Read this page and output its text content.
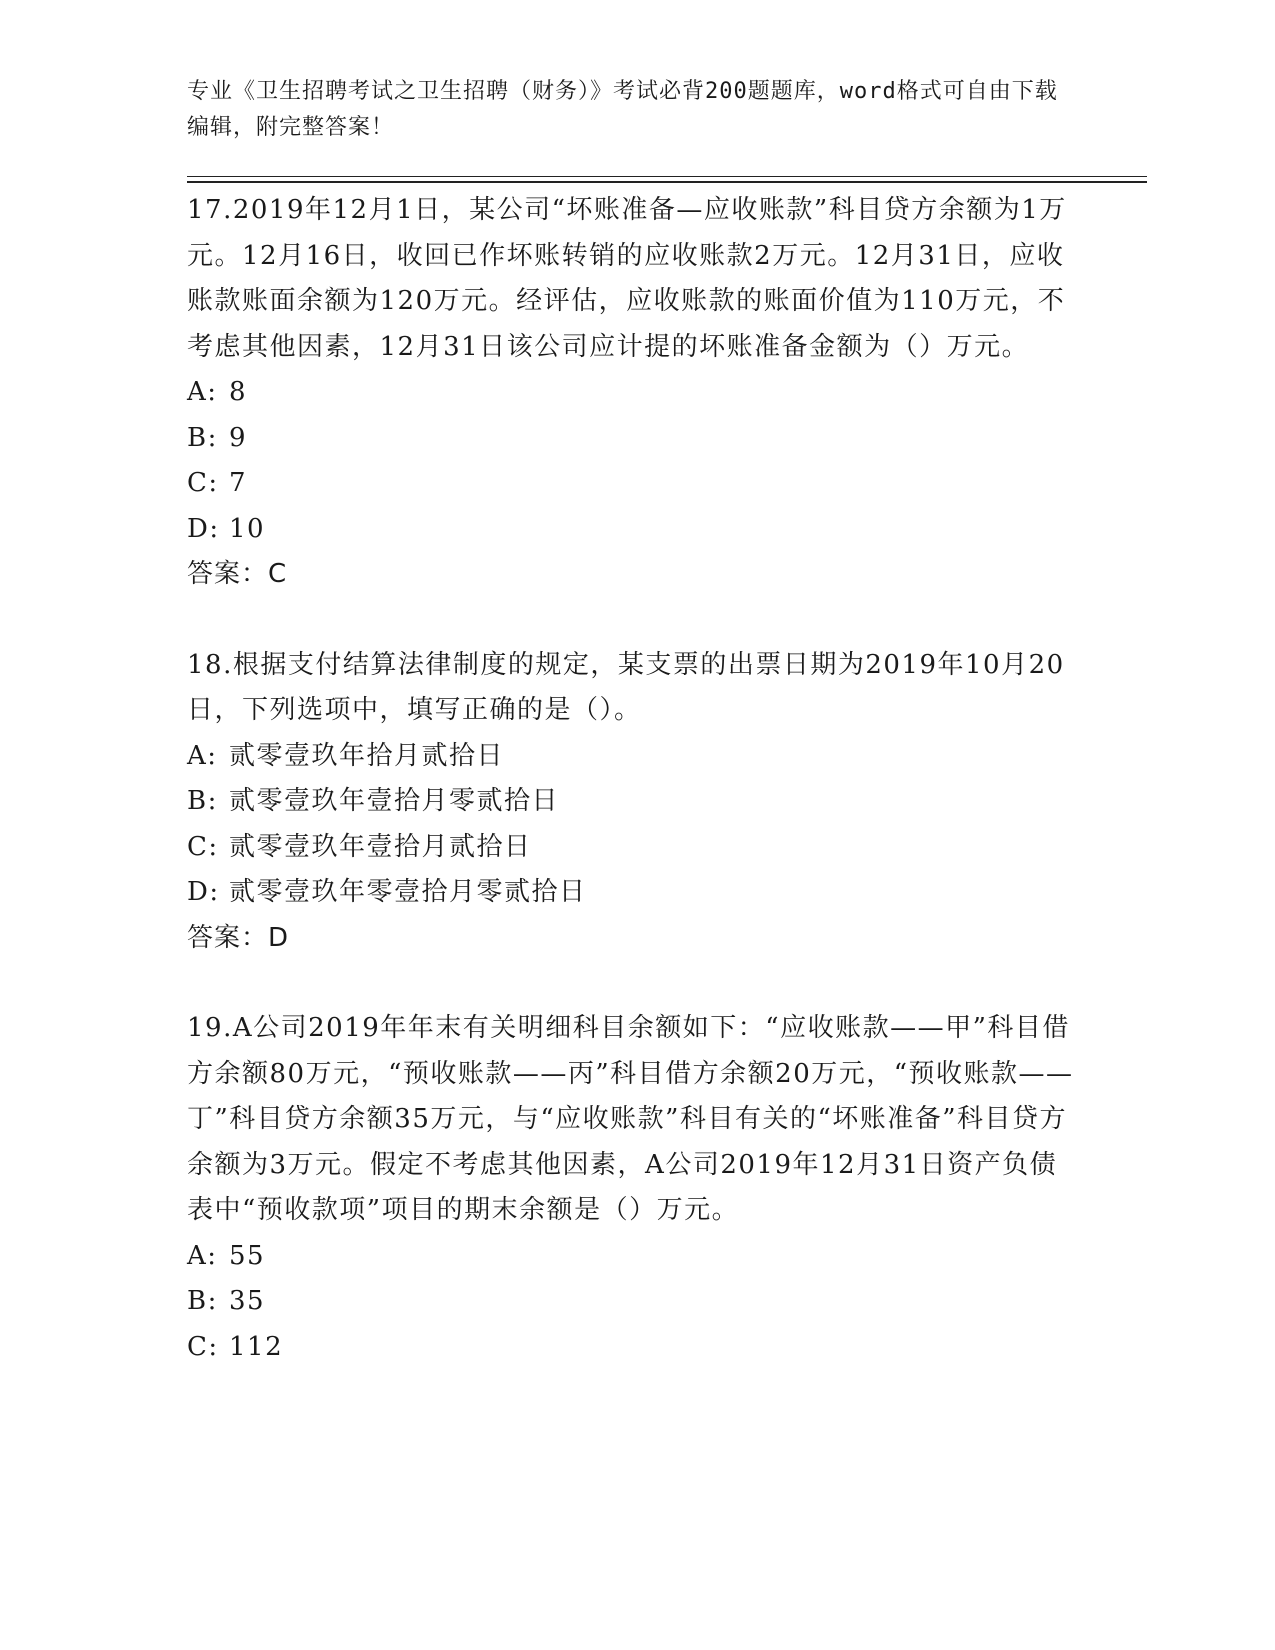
专业《卫生招聘考试之卫生招聘（财务）》考试必背200题题库，word格式可自由下载编辑，附完整答案！

17.2019年12月1日，某公司“坏账准备—应收账款”科目贷方余额为1万元。12月16日，收回已作坏账转销的应收账款2万元。12月31日，应收账款账面余额为120万元。经评估，应收账款的账面价值为110万元，不考虑其他因素，12月31日该公司应计提的坏账准备金额为（）万元。

A: 8

B: 9

C: 7

D: 10

答案：C

18.根据支付结算法律制度的规定，某支票的出票日期为2019年10月20日，下列选项中，填写正确的是（）。

A: 贰零壹玖年拾月贰拾日

B: 贰零壹玖年壹拾月零贰拾日

C: 贰零壹玖年壹拾月贰拾日

D: 贰零壹玖年零壹拾月零贰拾日

答案：D

19.A公司2019年年末有关明细科目余额如下：“应收账款——甲”科目借方余额80万元，“预收账款——丙”科目借方余额20万元，“预收账款——丁”科目贷方余额35万元，与“应收账款”科目有关的“坏账准备”科目贷方余额为3万元。假定不考虑其他因素，A公司2019年12月31日资产负债表中“预收款项”项目的期末余额是（）万元。

A: 55

B: 35

C: 112
